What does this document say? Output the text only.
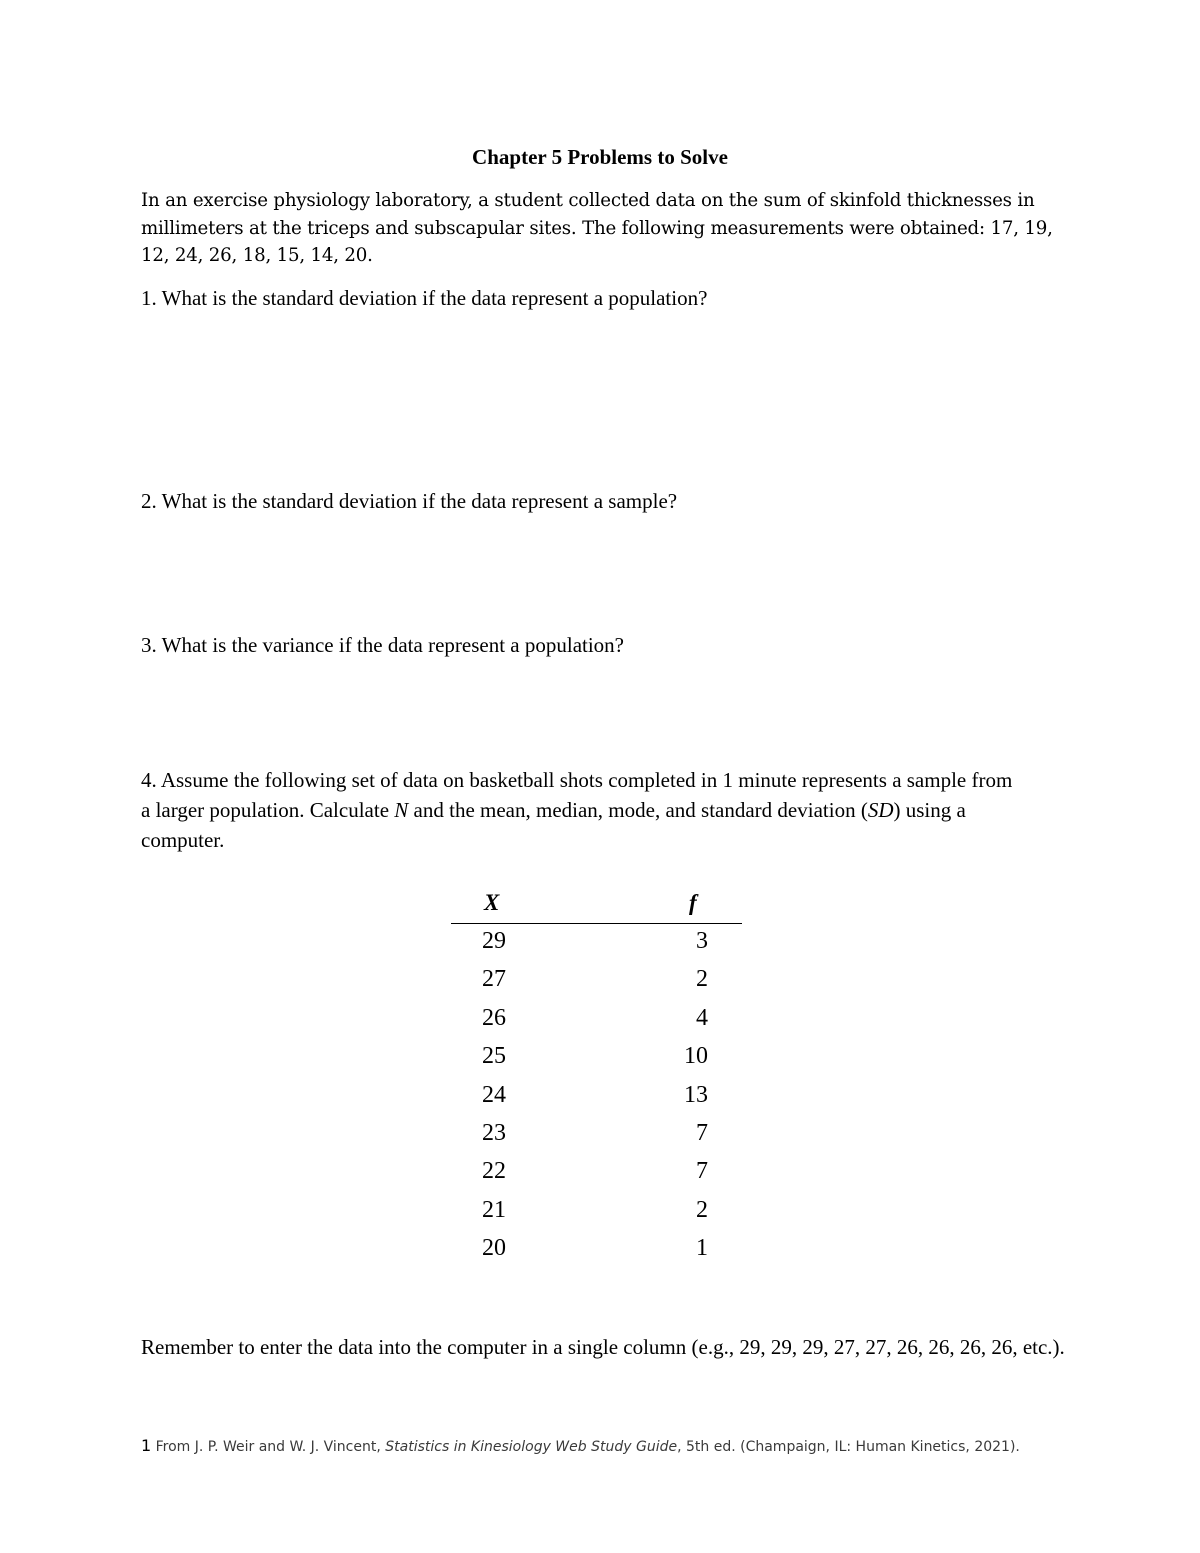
Chapter 5 Problems to Solve
In an exercise physiology laboratory, a student collected data on the sum of skinfold thicknesses in millimeters at the triceps and subscapular sites. The following measurements were obtained: 17, 19, 12, 24, 26, 18, 15, 14, 20.
1. What is the standard deviation if the data represent a population?
2. What is the standard deviation if the data represent a sample?
3. What is the variance if the data represent a population?
4. Assume the following set of data on basketball shots completed in 1 minute represents a sample from a larger population. Calculate N and the mean, median, mode, and standard deviation (SD) using a computer.
X	f
29	3
27	2
26	4
25	10
24	13
23	7
22	7
21	2
20	1
Remember to enter the data into the computer in a single column (e.g., 29, 29, 29, 27, 27, 26, 26, 26, 26, etc.).
1 From J. P. Weir and W. J. Vincent, Statistics in Kinesiology Web Study Guide, 5th ed. (Champaign, IL: Human Kinetics, 2021).
